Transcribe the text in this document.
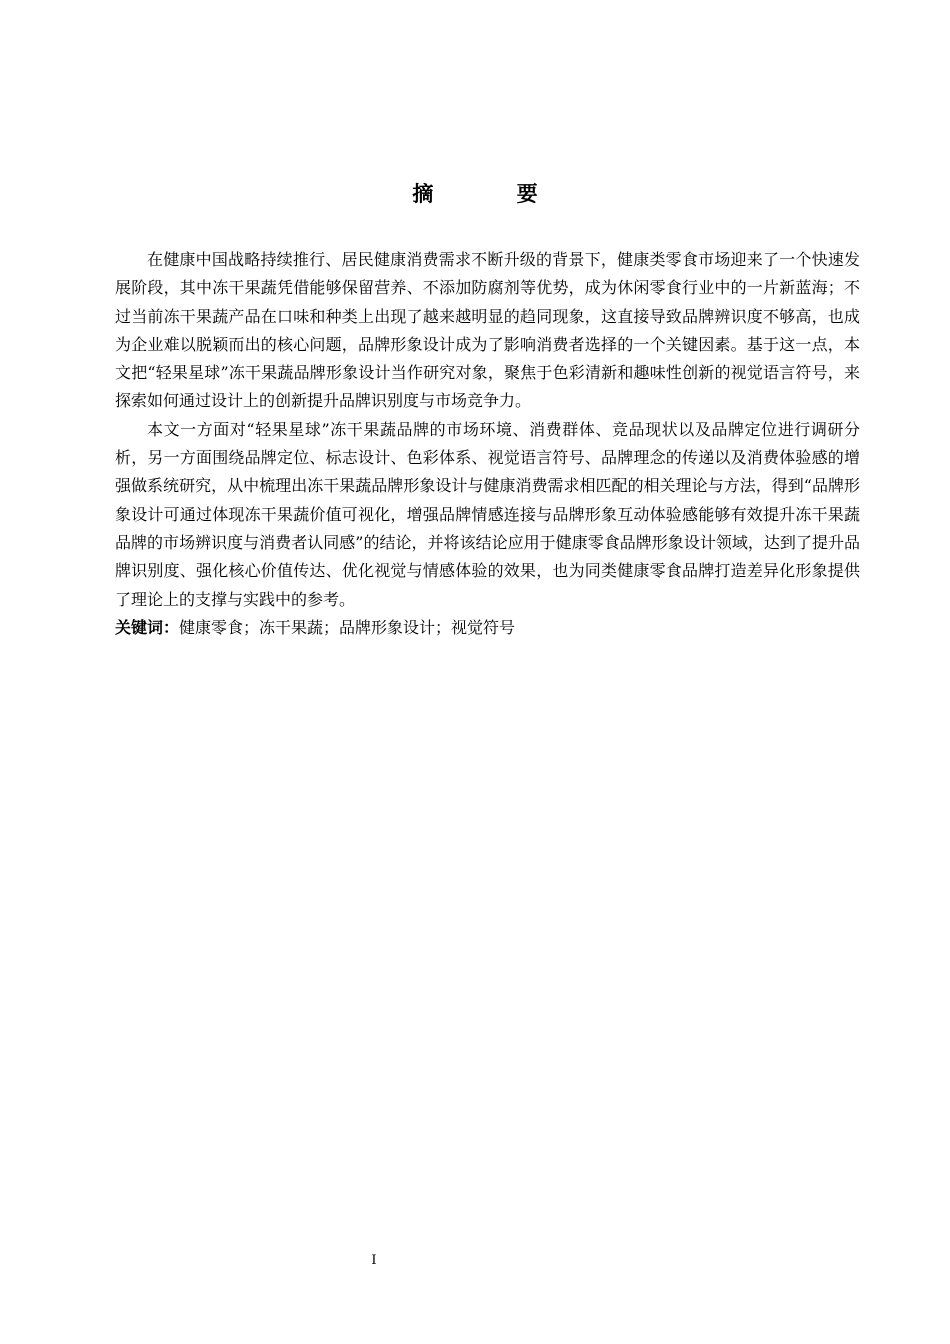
摘 要

在健康中国战略持续推行、居民健康消费需求不断升级的背景下，健康类零食市场迎来了一个快速发展阶段，其中冻干果蔬凭借能够保留营养、不添加防腐剂等优势，成为休闲零食行业中的一片新蓝海；不过当前冻干果蔬产品在口味和种类上出现了越来越明显的趋同现象，这直接导致品牌辨识度不够高，也成为企业难以脱颖而出的核心问题，品牌形象设计成为了影响消费者选择的一个关键因素。基于这一点，本文把“轻果星球”冻干果蔬品牌形象设计当作研究对象，聚焦于色彩清新和趣味性创新的视觉语言符号，来探索如何通过设计上的创新提升品牌识别度与市场竞争力。

本文一方面对“轻果星球”冻干果蔬品牌的市场环境、消费群体、竞品现状以及品牌定位进行调研分析，另一方面围绕品牌定位、标志设计、色彩体系、视觉语言符号、品牌理念的传递以及消费体验感的增强做系统研究，从中梳理出冻干果蔬品牌形象设计与健康消费需求相匹配的相关理论与方法，得到“品牌形象设计可通过体现冻干果蔬价值可视化，增强品牌情感连接与品牌形象互动体验感能够有效提升冻干果蔬品牌的市场辨识度与消费者认同感”的结论，并将该结论应用于健康零食品牌形象设计领域，达到了提升品牌识别度、强化核心价值传达、优化视觉与情感体验的效果，也为同类健康零食品牌打造差异化形象提供了理论上的支撑与实践中的参考。

关键词：健康零食；冻干果蔬；品牌形象设计；视觉符号

I
